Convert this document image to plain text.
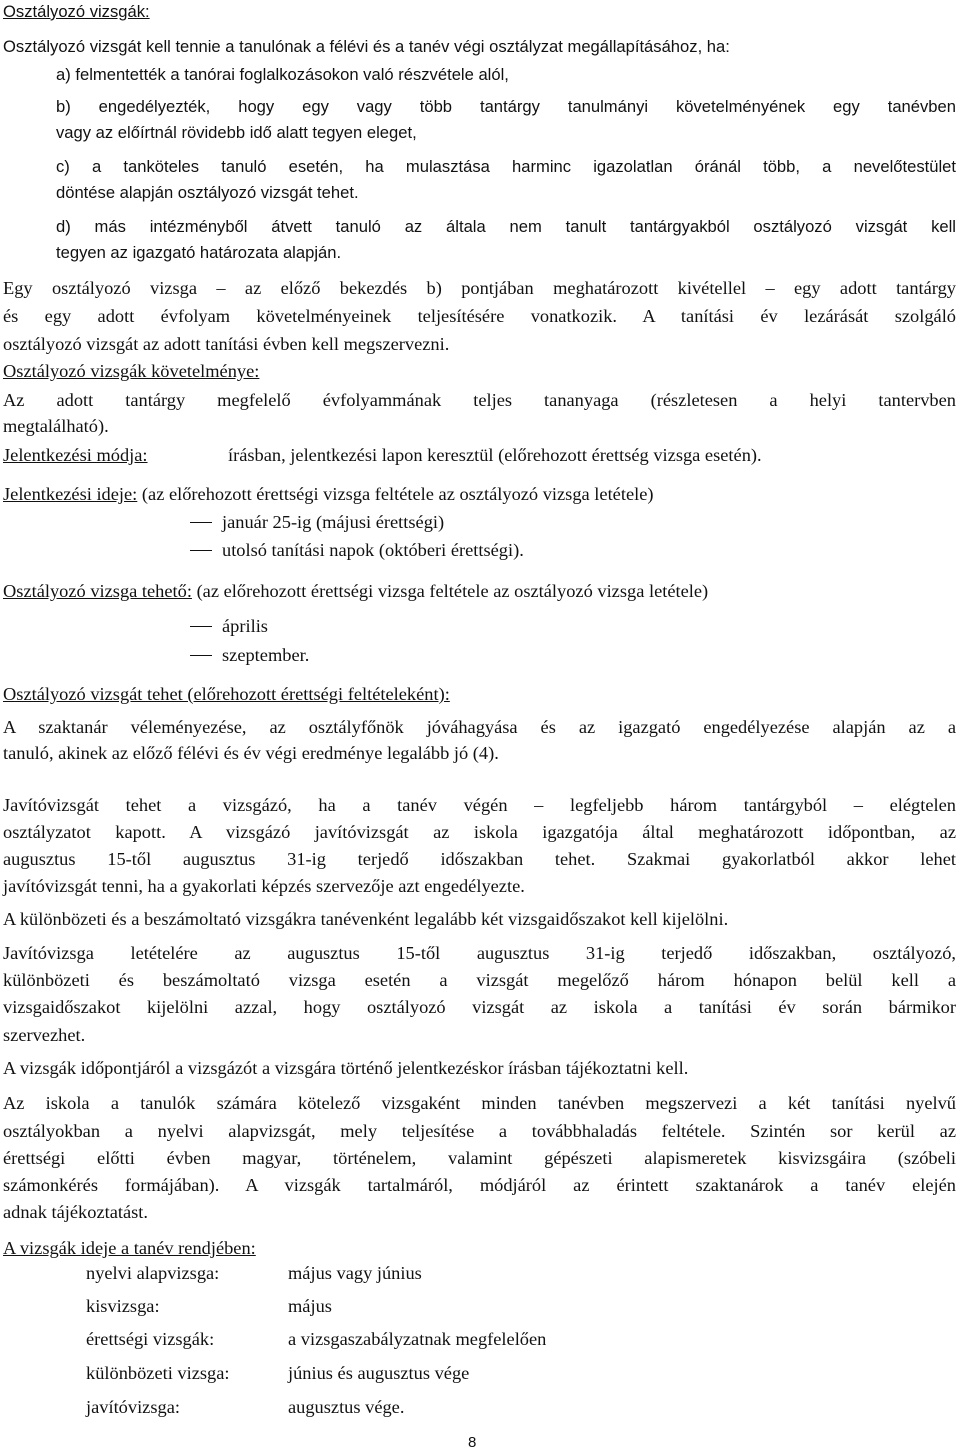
Osztályozó vizsgák:
Osztályozó vizsgát kell tennie a tanulónak a félévi és a tanév végi osztályzat megállapításához, ha:
a) felmentették a tanórai foglalkozásokon való részvétele alól,
b) engedélyezték, hogy egy vagy több tantárgy tanulmányi követelményének egy tanévben
vagy az előírtnál rövidebb idő alatt tegyen eleget,
c) a tanköteles tanuló esetén, ha mulasztása harminc igazolatlan óránál több, a nevelőtestület
döntése alapján osztályozó vizsgát tehet.
d) más intézményből átvett tanuló az általa nem tanult tantárgyakból osztályozó vizsgát kell
tegyen az igazgató határozata alapján.
Egy osztályozó vizsga – az előző bekezdés b) pontjában meghatározott kivétellel – egy adott tantárgy
és egy adott évfolyam követelményeinek teljesítésére vonatkozik. A tanítási év lezárását szolgáló
osztályozó vizsgát az adott tanítási évben kell megszervezni.
Osztályozó vizsgák követelménye:
Az adott tantárgy megfelelő évfolyammának teljes tananyaga (részletesen a helyi tantervben
megtalálható).
Jelentkezési módja:	írásban, jelentkezési lapon keresztül (előrehozott érettség vizsga esetén).
Jelentkezési ideje: (az előrehozott érettségi vizsga feltétele az osztályozó vizsga letétele)
január 25-ig (májusi érettségi)
utolsó tanítási napok (októberi érettségi).
Osztályozó vizsga tehető: (az előrehozott érettségi vizsga feltétele az osztályozó vizsga letétele)
április
szeptember.
Osztályozó vizsgát tehet (előrehozott érettségi feltételeként):
A szaktanár véleményezése, az osztályfőnök jóváhagyása és az igazgató engedélyezése alapján az a
tanuló, akinek az előző félévi és év végi eredménye legalább jó (4).
Javítóvizsgát tehet a vizsgázó, ha a tanév végén – legfeljebb három tantárgyból – elégtelen
osztályzatot kapott. A vizsgázó javítóvizsgát az iskola igazgatója által meghatározott időpontban, az
augusztus 15-től augusztus 31-ig terjedő időszakban tehet. Szakmai gyakorlatból akkor lehet
javítóvizsgát tenni, ha a gyakorlati képzés szervezője azt engedélyezte.
A különbözeti és a beszámoltató vizsgákra tanévenként legalább két vizsgaidőszakot kell kijelölni.
Javítóvizsga letételére az augusztus 15-től augusztus 31-ig terjedő időszakban, osztályozó,
különbözeti és beszámoltató vizsga esetén a vizsgát megelőző három hónapon belül kell a
vizsgaidőszakot kijelölni azzal, hogy osztályozó vizsgát az iskola a tanítási év során bármikor
szervezhet.
A vizsgák időpontjáról a vizsgázót a vizsgára történő jelentkezéskor írásban tájékoztatni kell.
Az iskola a tanulók számára kötelező vizsgaként minden tanévben megszervezi a két tanítási nyelvű
osztályokban a nyelvi alapvizsgát, mely teljesítése a továbbhaladás feltétele. Szintén sor kerül az
érettségi előtti évben magyar, történelem, valamint gépészeti alapismeretek kisvizsgáira (szóbeli
számonkérés formájában). A vizsgák tartalmáról, módjáról az érintett szaktanárok a tanév elején
adnak tájékoztatást.
A vizsgák ideje a tanév rendjében:
nyelvi alapvizsga:	május vagy június
kisvizsga:	május
érettségi vizsgák:	a vizsgaszabályzatnak megfelelően
különbözeti vizsga:	június és augusztus vége
javítóvizsga:	augusztus vége.
8
